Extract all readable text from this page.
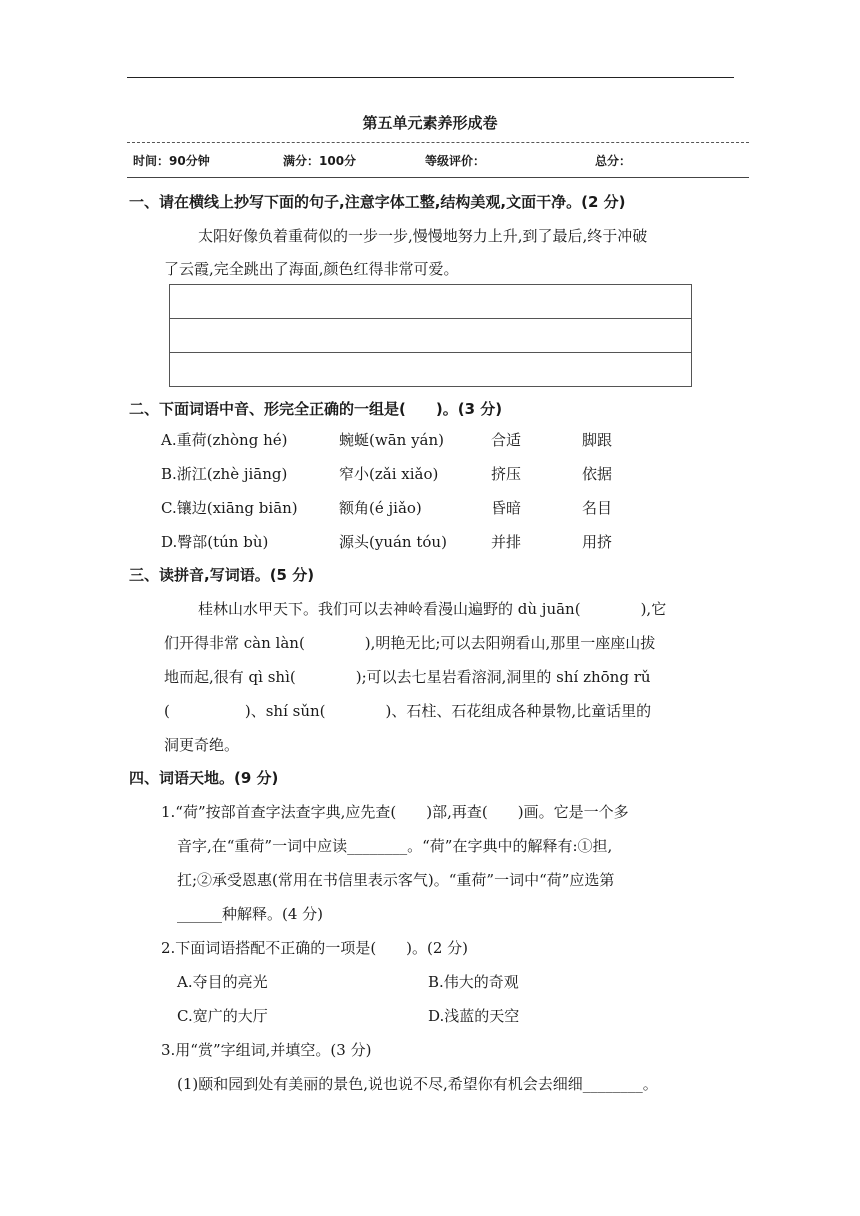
第五单元素养形成卷
时间：90分钟	满分：100分	等级评价：	总分：
一、请在横线上抄写下面的句子,注意字体工整,结构美观,文面干净。(2 分)
太阳好像负着重荷似的一步一步,慢慢地努力上升,到了最后,终于冲破
了云霞,完全跳出了海面,颜色红得非常可爱。
二、下面词语中音、形完全正确的一组是(　　)。(3 分)
A.重荷(zhòng hé)	蜿蜒(wān yán)	合适	脚跟
B.浙江(zhè jiāng)	窄小(zǎi xiǎo)	挤压	依据
C.镶边(xiāng biān)	额角(é jiǎo)	昏暗	名目
D.臀部(tún bù)	源头(yuán tóu)	并排	用挤
三、读拼音,写词语。(5 分)
桂林山水甲天下。我们可以去神岭看漫山遍野的 dù juān(　　　　),它
们开得非常 càn làn(　　　　),明艳无比;可以去阳朔看山,那里一座座山拔
地而起,很有 qì shì(　　　　);可以去七星岩看溶洞,洞里的 shí zhōng rǔ
(　　　　　)、shí sǔn(　　　　)、石柱、石花组成各种景物,比童话里的
洞更奇绝。
四、词语天地。(9 分)
1.“荷”按部首查字法查字典,应先查(　　)部,再查(　　)画。它是一个多
音字,在“重荷”一词中应读________。“荷”在字典中的解释有:①担,
扛;②承受恩惠(常用在书信里表示客气)。“重荷”一词中“荷”应选第
______种解释。(4 分)
2.下面词语搭配不正确的一项是(　　)。(2 分)
A.夺目的亮光	B.伟大的奇观
C.宽广的大厅	D.浅蓝的天空
3.用“赏”字组词,并填空。(3 分)
(1)颐和园到处有美丽的景色,说也说不尽,希望你有机会去细细________。
